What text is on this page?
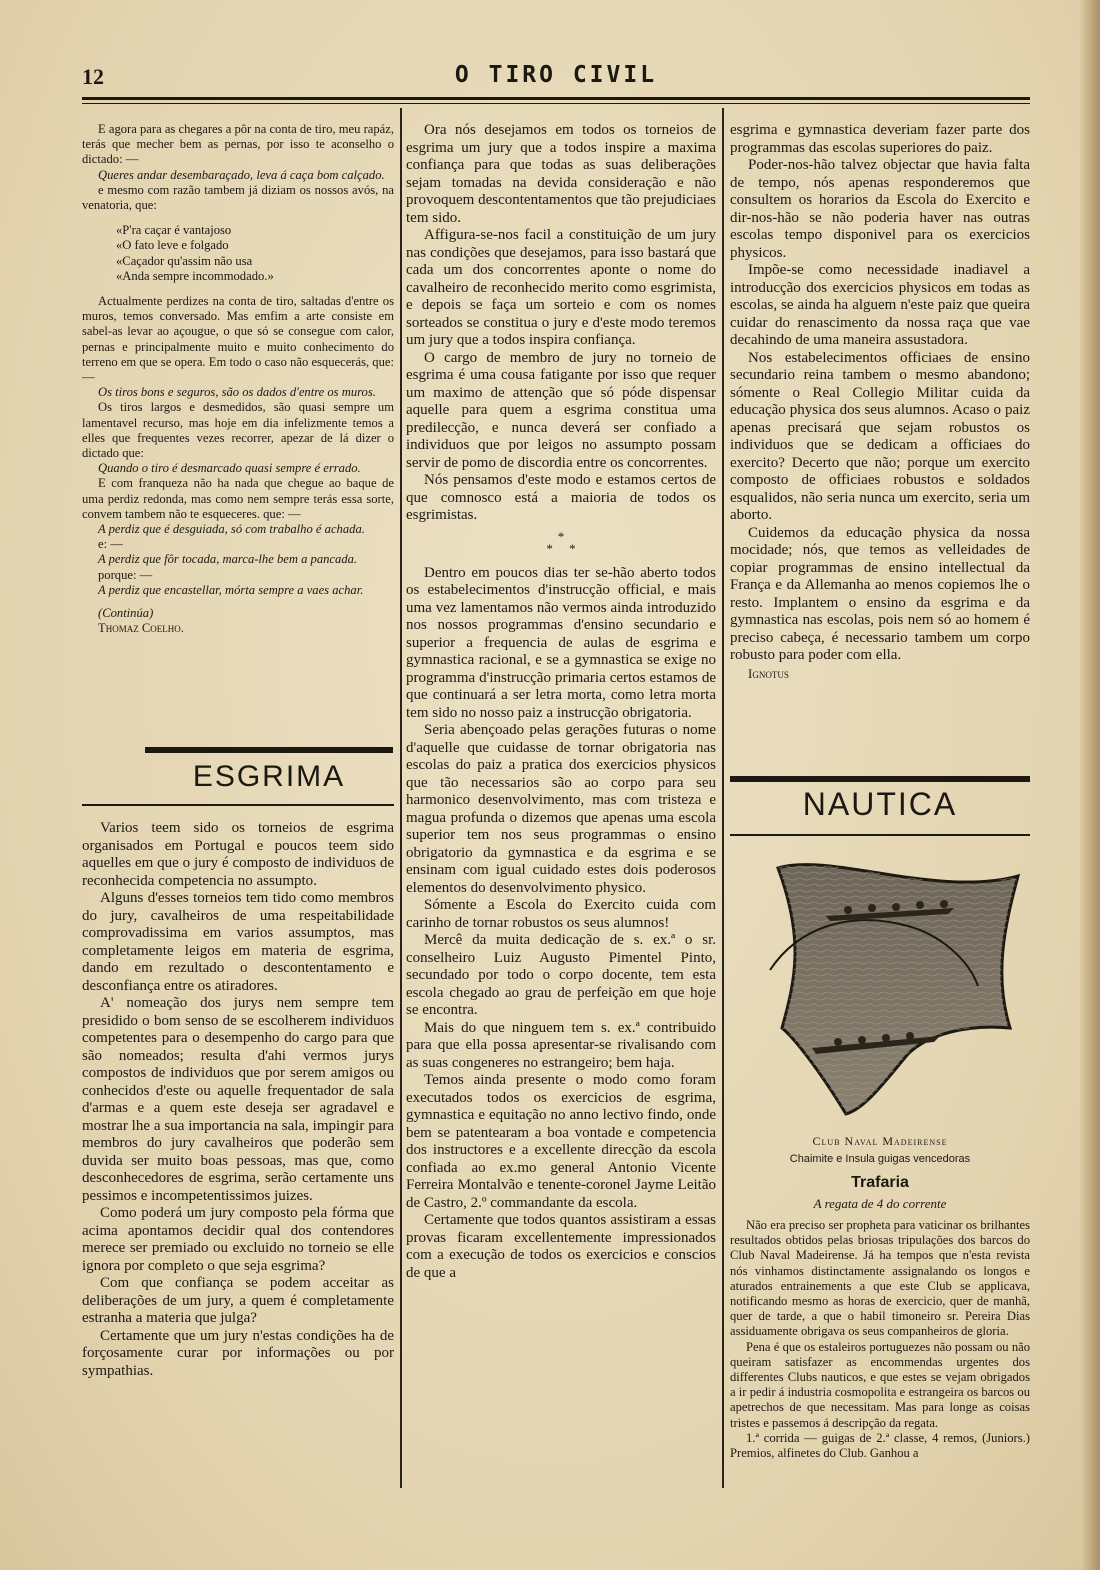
12	O TIRO CIVIL

E agora para as chegares a pôr na conta de tiro, meu rapáz, terás que mecher bem as pernas, por isso te aconselho o dictado: —

Queres andar desembaraçado, leva á caça bom calçado.

e mesmo com razão tambem já diziam os nossos avós, na venatoria, que:

«P'ra caçar é vantajoso

«O fato leve e folgado

«Caçador qu'assim não usa

«Anda sempre incommodado.»

Actualmente perdizes na conta de tiro, saltadas d'entre os muros, temos conversado. Mas emfim a arte consiste em sabel-as levar ao açougue, o que só se consegue com calor, pernas e principalmente muito e muito conhecimento do terreno em que se opera. Em todo o caso não esquecerás, que: —

Os tiros bons e seguros, são os dados d'entre os muros.

Os tiros largos e desmedidos, são quasi sempre um lamentavel recurso, mas hoje em dia infelizmente temos a elles que frequentes vezes recorrer, apezar de lá dizer o dictado que:

Quando o tiro é desmarcado quasi sempre é errado.

E com franqueza não ha nada que chegue ao baque de uma perdiz redonda, mas como nem sempre terás essa sorte, convem tambem não te esqueceres. que: —

A perdiz que é desguiada, só com trabalho é achada.

e: —

A perdiz que fôr tocada, marca-lhe bem a pancada.

porque: —

A perdiz que encastellar, mórta sempre a vaes achar.

(Continúa)

Thomaz Coelho.

ESGRIMA

Varios teem sido os torneios de esgrima organisados em Portugal e poucos teem sido aquelles em que o jury é composto de individuos de reconhecida competencia no assumpto.

Alguns d'esses torneios tem tido como membros do jury, cavalheiros de uma respeitabilidade comprovadissima em varios assumptos, mas completamente leigos em materia de esgrima, dando em rezultado o descontentamento e desconfiança entre os atiradores.

A' nomeação dos jurys nem sempre tem presidido o bom senso de se escolherem individuos competentes para o desempenho do cargo para que são nomeados; resulta d'ahi vermos jurys compostos de individuos que por serem amigos ou conhecidos d'este ou aquelle frequentador de sala d'armas e a quem este deseja ser agradavel e mostrar lhe a sua importancia na sala, impingir para membros do jury cavalheiros que poderão sem duvida ser muito boas pessoas, mas que, como desconhecedores de esgrima, serão certamente uns pessimos e incompetentissimos juizes.

Como poderá um jury composto pela fórma que acima apontamos decidir qual dos contendores merece ser premiado ou excluido no torneio se elle ignora por completo o que seja esgrima?

Com que confiança se podem acceitar as deliberações de um jury, a quem é completamente estranha a materia que julga?

Certamente que um jury n'estas condições ha de forçosamente curar por informações ou por sympathias.

Ora nós desejamos em todos os torneios de esgrima um jury que a todos inspire a maxima confiança para que todas as suas deliberações sejam tomadas na devida consideração e não provoquem descontentamentos que tão prejudiciaes tem sido.

Affigura-se-nos facil a constituição de um jury nas condições que desejamos, para isso bastará que cada um dos concorrentes aponte o nome do cavalheiro de reconhecido merito como esgrimista, e depois se faça um sorteio e com os nomes sorteados se constitua o jury e d'este modo teremos um jury que a todos inspira confiança.

O cargo de membro de jury no torneio de esgrima é uma cousa fatigante por isso que requer um maximo de attenção que só póde dispensar aquelle para quem a esgrima constitua uma predilecção, e nunca deverá ser confiado a individuos que por leigos no assumpto possam servir de pomo de discordia entre os concorrentes.

Nós pensamos d'este modo e estamos certos de que comnosco está a maioria de todos os esgrimistas.

*
*     *

Dentro em poucos dias ter se-hão aberto todos os estabelecimentos d'instrucção official, e mais uma vez lamentamos não vermos ainda introduzido nos nossos programmas d'ensino secundario e superior a frequencia de aulas de esgrima e gymnastica racional, e se a gymnastica se exige no programma d'instrucção primaria certos estamos de que continuará a ser letra morta, como letra morta tem sido no nosso paiz a instrucção obrigatoria.

Seria abençoado pelas gerações futuras o nome d'aquelle que cuidasse de tornar obrigatoria nas escolas do paiz a pratica dos exercicios physicos que tão necessarios são ao corpo para seu harmonico desenvolvimento, mas com tristeza e magua profunda o dizemos que apenas uma escola superior tem nos seus programmas o ensino obrigatorio da gymnastica e da esgrima e se ensinam com igual cuidado estes dois poderosos elementos do desenvolvimento physico.

Sómente a Escola do Exercito cuida com carinho de tornar robustos os seus alumnos!

Mercê da muita dedicação de s. ex.ª o sr. conselheiro Luiz Augusto Pimentel Pinto, secundado por todo o corpo docente, tem esta escola chegado ao grau de perfeição em que hoje se encontra.

Mais do que ninguem tem s. ex.ª contribuido para que ella possa apresentar-se rivalisando com as suas congeneres no estrangeiro; bem haja.

Temos ainda presente o modo como foram executados todos os exercicios de esgrima, gymnastica e equitação no anno lectivo findo, onde bem se patentearam a boa vontade e competencia dos instructores e a excellente direcção da escola confiada ao ex.mo general Antonio Vicente Ferreira Montalvão e tenente-coronel Jayme Leitão de Castro, 2.º commandante da escola.

Certamente que todos quantos assistiram a essas provas ficaram excellentemente impressionados com a execução de todos os exercicios e conscios de que a

esgrima e gymnastica deveriam fazer parte dos programmas das escolas superiores do paiz.

Poder-nos-hão talvez objectar que havia falta de tempo, nós apenas responderemos que consultem os horarios da Escola do Exercito e dir-nos-hão se não poderia haver nas outras escolas tempo disponivel para os exercicios physicos.

Impõe-se como necessidade inadiavel a introducção dos exercicios physicos em todas as escolas, se ainda ha alguem n'este paiz que queira cuidar do renascimento da nossa raça que vae decahindo de uma maneira assustadora.

Nos estabelecimentos officiaes de ensino secundario reina tambem o mesmo abandono; sómente o Real Collegio Militar cuida da educação physica dos seus alumnos. Acaso o paiz apenas precisará que sejam robustos os individuos que se dedicam a officiaes do exercito? Decerto que não; porque um exercito composto de officiaes robustos e soldados esqualidos, não seria nunca um exercito, seria um aborto.

Cuidemos da educação physica da nossa mocidade; nós, que temos as velleidades de copiar programmas de ensino intellectual da França e da Allemanha ao menos copiemos lhe o resto. Implantem o ensino da esgrima e da gymnastica nas escolas, pois nem só ao homem é preciso cabeça, é necessario tambem um corpo robusto para poder com ella.

Ignotus

NAUTICA
Club Naval Madeirense
Chaimite e Insula guigas vencedoras
Trafaria
A regata de 4 do corrente

Não era preciso ser propheta para vaticinar os brilhantes resultados obtidos pelas briosas tripulações dos barcos do Club Naval Madeirense. Já ha tempos que n'esta revista nós vinhamos distinctamente assignalando os longos e aturados entrainements a que este Club se applicava, notificando mesmo as horas de exercicio, quer de manhã, quer de tarde, a que o habil timoneiro sr. Pereira Dias assiduamente obrigava os seus companheiros de gloria.

Pena é que os estaleiros portuguezes não possam ou não queiram satisfazer as encommendas urgentes dos differentes Clubs nauticos, e que estes se vejam obrigados a ir pedir á industria cosmopolita e estrangeira os barcos ou apetrechos de que necessitam. Mas para longe as coisas tristes e passemos á descripção da regata.

1.ª corrida — guigas de 2.ª classe, 4 remos, (Juniors.) Premios, alfinetes do Club. Ganhou a
